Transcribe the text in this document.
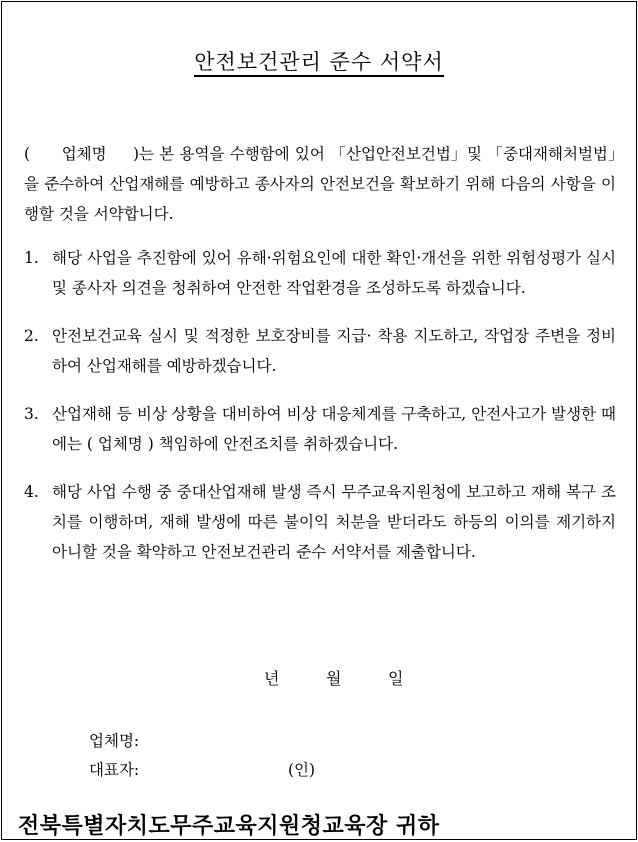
안전보건관리 준수 서약서
(      업체명     )는 본 용역을 수행함에 있어 「산업안전보건법」및 「중대재해처벌법」을 준수하여 산업재해를 예방하고 종사자의 안전보건을 확보하기 위해 다음의 사항을 이행할 것을 서약합니다.
1. 해당 사업을 추진함에 있어 유해·위험요인에 대한 확인·개선을 위한 위험성평가 실시 및 종사자 의견을 청취하여 안전한 작업환경을 조성하도록 하겠습니다.
2. 안전보건교육 실시 및 적정한 보호장비를 지급· 착용 지도하고, 작업장 주변을 정비하여 산업재해를 예방하겠습니다.
3. 산업재해 등 비상 상황을 대비하여 비상 대응체계를 구축하고, 안전사고가 발생한 때에는 ( 업체명 ) 책임하에 안전조치를 취하겠습니다.
4. 해당 사업 수행 중 중대산업재해 발생 즉시 무주교육지원청에 보고하고 재해 복구 조치를 이행하며, 재해 발생에 따른 불이익 처분을 받더라도 하등의 이의를 제기하지 아니할 것을 확약하고 안전보건관리 준수 서약서를 제출합니다.
년	월	일
업체명:
대표자:	(인)
전북특별자치도무주교육지원청교육장 귀하
